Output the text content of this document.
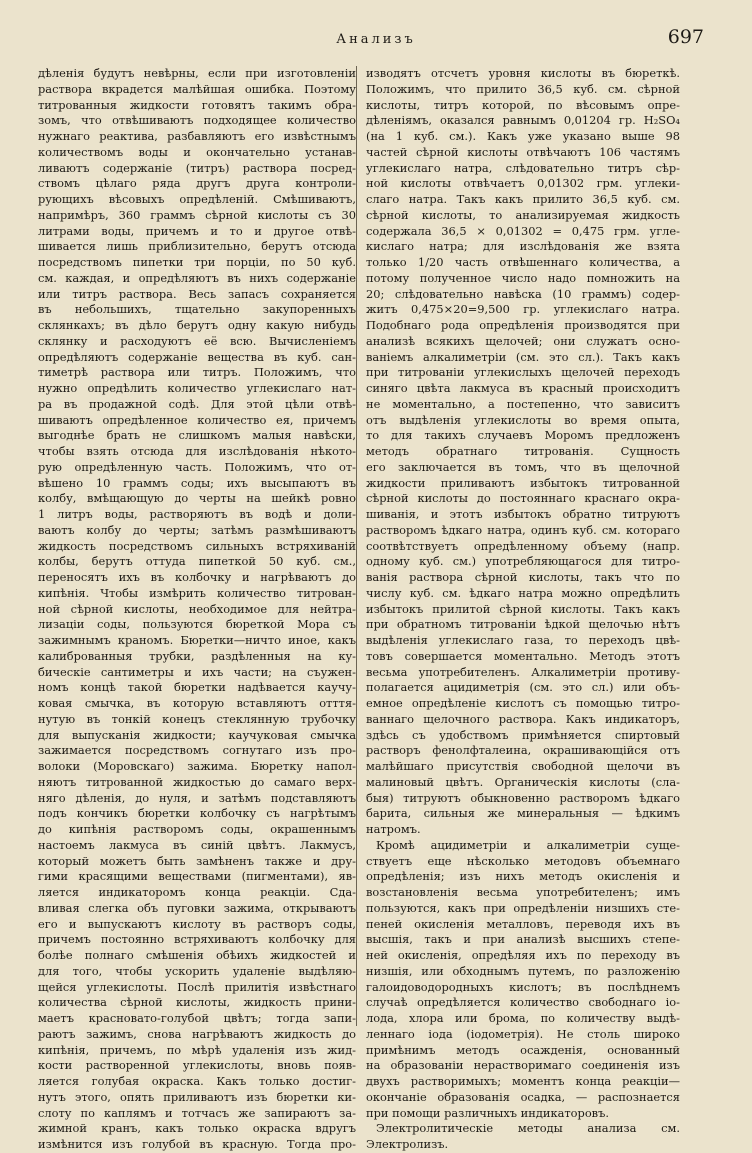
Анализъ	697
дѣленія будутъ невѣрны, если при изготовленіи
раствора вкрадется малѣйшая ошибка. Поэтому
титрованныя жидкости готовятъ такимъ обра-
зомъ, что отвѣшиваютъ подходящее количество
нужнаго реактива, разбавляютъ его извѣстнымъ
количествомъ воды и окончательно устанав-
ливаютъ содержаніе (титръ) раствора посред-
ствомъ цѣлаго ряда другъ друга контроли-
рующихъ вѣсовыхъ опредѣленій. Смѣшиваютъ,
напримѣръ, 360 граммъ сѣрной кислоты съ 30
литрами воды, причемъ и то и другое отвѣ-
шивается лишь приблизительно, берутъ отсюда
посредствомъ пипетки три порціи, по 50 куб.
см. каждая, и опредѣляютъ въ нихъ содержаніе
или титръ раствора. Весь запасъ сохраняется
въ небольшихъ, тщательно закупоренныхъ
склянкахъ; въ дѣло берутъ одну какую нибудь
склянку и расходуютъ её всю. Вычисленіемъ
опредѣляютъ содержаніе вещества въ куб. сан-
тиметрѣ раствора или титръ. Положимъ, что
нужно опредѣлить количество углекислаго нат-
ра въ продажной содѣ. Для этой цѣли отвѣ-
шиваютъ опредѣленное количество ея, причемъ
выгоднѣе брать не слишкомъ малыя навѣски,
чтобы взять отсюда для изслѣдованія нѣкото-
рую опредѣленную часть. Положимъ, что от-
вѣшено 10 граммъ соды; ихъ высыпаютъ въ
колбу, вмѣщающую до черты на шейкѣ ровно
1 литръ воды, растворяютъ въ водѣ и доли-
ваютъ колбу до черты; затѣмъ размѣшиваютъ
жидкость посредствомъ сильныхъ встряхиваній
колбы, берутъ оттуда пипеткой 50 куб. см.,
переносятъ ихъ въ колбочку и нагрѣваютъ до
кипѣнія. Чтобы измѣрить количество титрован-
ной сѣрной кислоты, необходимое для нейтра-
лизаціи соды, пользуются бюреткой Мора съ
зажимнымъ краномъ. Бюретки—ничто иное, какъ
калиброванныя трубки, раздѣленныя на ку-
бическіе сантиметры и ихъ части; на съужен-
номъ концѣ такой бюретки надѣвается каучу-
ковая смычка, въ которую вставляютъ отття-
нутую въ тонкій конецъ стеклянную трубочку
для выпусканія жидкости; каучуковая смычка
зажимается посредствомъ согнутаго изъ про-
волоки (Моровскаго) зажима. Бюретку напол-
няютъ титрованной жидкостью до самаго верх-
няго дѣленія, до нуля, и затѣмъ подставляютъ
подъ кончикъ бюретки колбочку съ нагрѣтымъ
до кипѣнія растворомъ соды, окрашеннымъ
настоемъ лакмуса въ синій цвѣтъ. Лакмусъ,
который можетъ быть замѣненъ также и дру-
гими красящими веществами (пигментами), яв-
ляется индикаторомъ конца реакціи. Сда-
вливая слегка объ пуговки зажима, открываютъ
его и выпускаютъ кислоту въ растворъ соды,
причемъ постоянно встряхиваютъ колбочку для
болѣе полнаго смѣшенія обѣихъ жидкостей и
для того, чтобы ускорить удаленіе выдѣляю-
щейся углекислоты. Послѣ прилитія извѣстнаго
количества сѣрной кислоты, жидкость прини-
маетъ красновато-голубой цвѣтъ; тогда запи-
раютъ зажимъ, снова нагрѣваютъ жидкость до
кипѣнія, причемъ, по мѣрѣ удаленія изъ жид-
кости растворенной углекислоты, вновь появ-
ляется голубая окраска. Какъ только достиг-
нутъ этого, опять приливаютъ изъ бюретки ки-
слоту по каплямъ и тотчасъ же запираютъ за-
жимной кранъ, какъ только окраска вдругъ
измѣнится изъ голубой въ красную. Тогда про-
изводятъ отсчетъ уровня кислоты въ бюреткѣ.
Положимъ, что прилито 36,5 куб. см. сѣрной
кислоты, титръ которой, по вѣсовымъ опре-
дѣленіямъ, оказался равнымъ 0,01204 гр. H₂SO₄
(на 1 куб. см.). Какъ уже указано выше 98
частей сѣрной кислоты отвѣчаютъ 106 частямъ
углекислаго натра, слѣдовательно титръ сѣр-
ной кислоты отвѣчаетъ 0,01302 грм. углеки-
слаго натра. Такъ какъ прилито 36,5 куб. см.
сѣрной кислоты, то анализируемая жидкость
содержала 36,5 × 0,01302 = 0,475 грм. угле-
кислаго натра; для изслѣдованія же взята
только 1/20 часть отвѣшеннаго количества, а
потому полученное число надо помножить на
20; слѣдовательно навѣска (10 граммъ) содер-
житъ 0,475×20=9,500 гр. углекислаго натра.
Подобнаго рода опредѣленія производятся при
анализѣ всякихъ щелочей; они служатъ осно-
ваніемъ алкалиметріи (см. это сл.). Такъ какъ
при титрованіи углекислыхъ щелочей переходъ
синяго цвѣта лакмуса въ красный происходитъ
не моментально, а постепенно, что зависитъ
отъ выдѣленія углекислоты во время опыта,
то для такихъ случаевъ Моромъ предложенъ
методъ обратнаго титрованія. Сущность
его заключается въ томъ, что въ щелочной
жидкости приливаютъ избытокъ титрованной
сѣрной кислоты до постояннаго краснаго окра-
шиванія, и этотъ избытокъ обратно титруютъ
растворомъ ѣдкаго натра, одинъ куб. см. котораго
соотвѣтствуетъ опредѣленному объему (напр.
одному куб. см.) употребляющагося для титро-
ванія раствора сѣрной кислоты, такъ что по
числу куб. см. ѣдкаго натра можно опредѣлить
избытокъ прилитой сѣрной кислоты. Такъ какъ
при обратномъ титрованіи ѣдкой щелочью нѣтъ
выдѣленія углекислаго газа, то переходъ цвѣ-
товъ совершается моментально. Методъ этотъ
весьма употребителенъ. Алкалиметріи противу-
полагается ацидиметрія (см. это сл.) или объ-
емное опредѣленіе кислотъ съ помощью титро-
ваннаго щелочного раствора. Какъ индикаторъ,
здѣсь съ удобствомъ примѣняется спиртовый
растворъ фенолфталеина, окрашивающійся отъ
малѣйшаго присутствія свободной щелочи въ
малиновый цвѣтъ. Органическія кислоты (сла-
быя) титруютъ обыкновенно растворомъ ѣдкаго
барита, сильныя же минеральныя — ѣдкимъ
натромъ.
Кромѣ ацидиметріи и алкалиметріи суще-
ствуетъ еще нѣсколько методовъ объемнаго
опредѣленія; изъ нихъ методъ окисленія и
возстановленія весьма употребителенъ; имъ
пользуются, какъ при опредѣленіи низшихъ сте-
пеней окисленія металловъ, переводя ихъ въ
высшія, такъ и при анализѣ высшихъ степе-
ней окисленія, опредѣляя ихъ по переходу въ
низшія, или обходнымъ путемъ, по разложенію
галоидоводородныхъ кислотъ; въ послѣднемъ
случаѣ опредѣляется количество свободнаго іо-
лода, хлора или брома, по количеству выдѣ-
леннаго іода (іодометрія). Не столь широко
примѣнимъ методъ осажденія, основанный
на образованіи нерастворимаго соединенія изъ
двухъ растворимыхъ; моментъ конца реакціи—
окончаніе образованія осадка, — распознается
при помощи различныхъ индикаторовъ.
Электролитическіе методы анализа см.
Электролизъ.
